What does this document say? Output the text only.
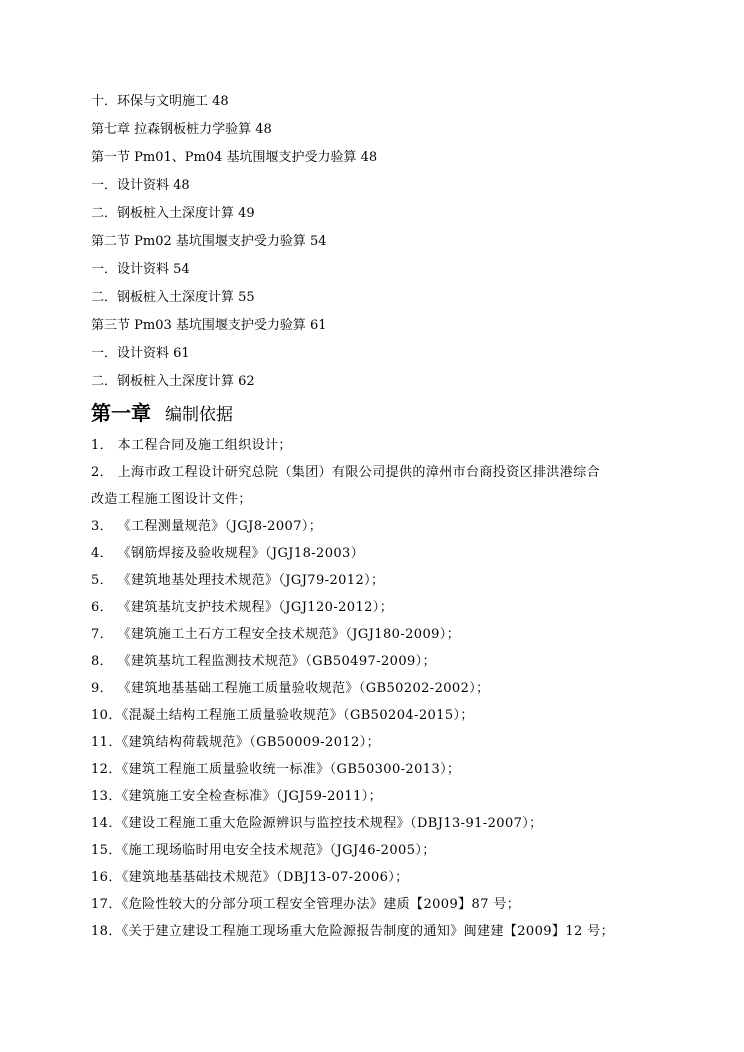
十．环保与文明施工 48
第七章 拉森钢板桩力学验算 48
第一节 Pm01、Pm04 基坑围堰支护受力验算 48
一．设计资料 48
二．钢板桩入土深度计算 49
第二节 Pm02 基坑围堰支护受力验算 54
一．设计资料 54
二．钢板桩入土深度计算 55
第三节 Pm03 基坑围堰支护受力验算 61
一．设计资料 61
二．钢板桩入土深度计算 62
第一章 编制依据
1． 本工程合同及施工组织设计；
2． 上海市政工程设计研究总院（集团）有限公司提供的漳州市台商投资区排洪港综合
改造工程施工图设计文件；
3． 《工程测量规范》（JGJ8-2007）；
4． 《钢筋焊接及验收规程》（JGJ18-2003）
5． 《建筑地基处理技术规范》（JGJ79-2012）；
6． 《建筑基坑支护技术规程》（JGJ120-2012）；
7． 《建筑施工土石方工程安全技术规范》（JGJ180-2009）；
8． 《建筑基坑工程监测技术规范》（GB50497-2009）；
9． 《建筑地基基础工程施工质量验收规范》（GB50202-2002）；
10．《混凝土结构工程施工质量验收规范》（GB50204-2015）；
11．《建筑结构荷载规范》（GB50009-2012）；
12．《建筑工程施工质量验收统一标准》（GB50300-2013）；
13．《建筑施工安全检查标准》（JGJ59-2011）；
14．《建设工程施工重大危险源辨识与监控技术规程》（DBJ13-91-2007）；
15．《施工现场临时用电安全技术规范》（JGJ46-2005）；
16．《建筑地基基础技术规范》（DBJ13-07-2006）；
17．《危险性较大的分部分项工程安全管理办法》建质【2009】87 号；
18．《关于建立建设工程施工现场重大危险源报告制度的通知》闽建建【2009】12 号；
